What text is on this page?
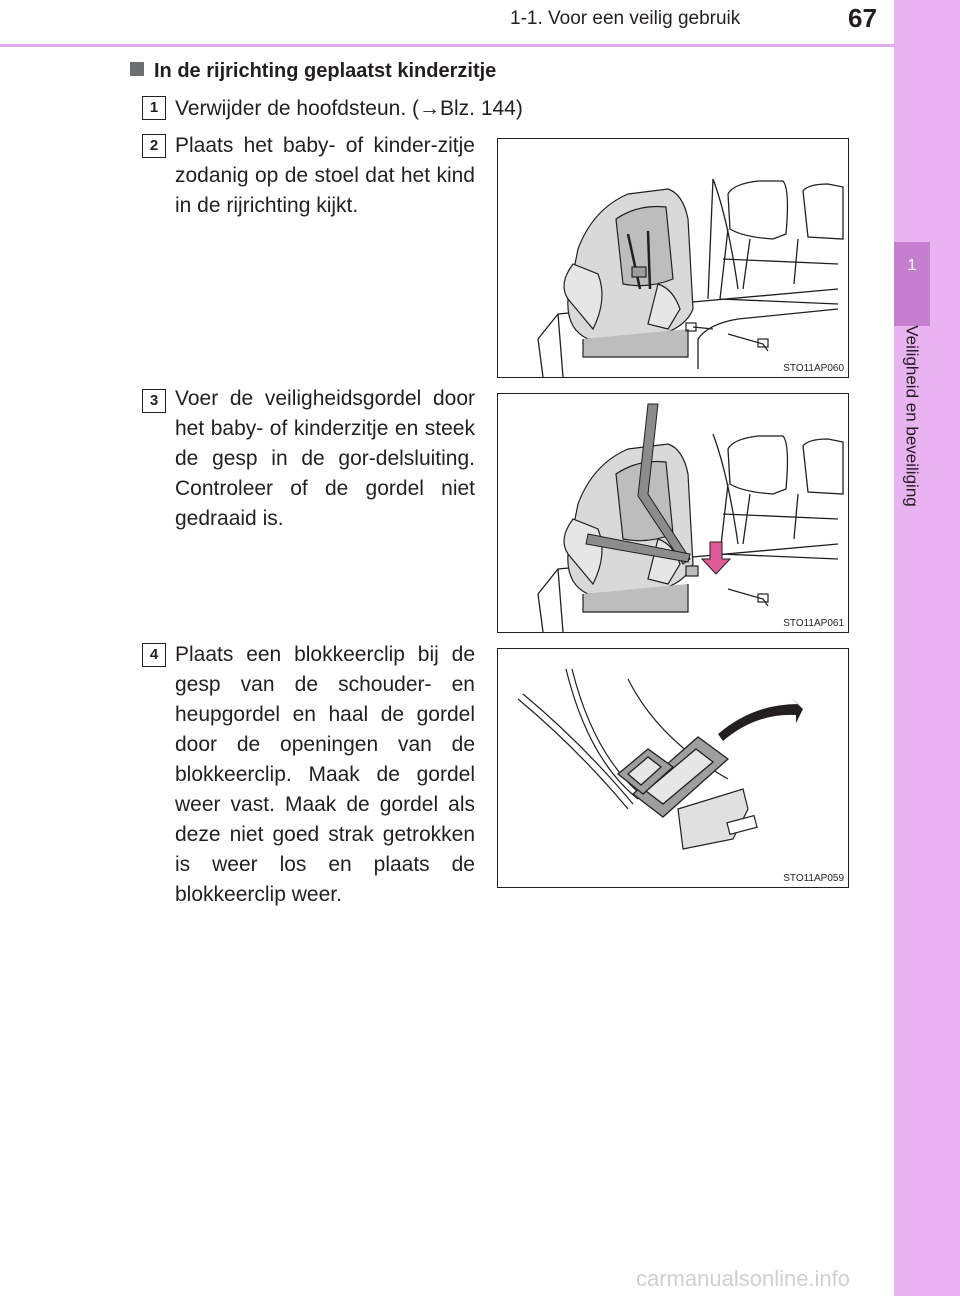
1-1. Voor een veilig gebruik	67
1
Veiligheid en beveiliging
In de rijrichting geplaatst kinderzitje
1 Verwijder de hoofdsteun. (→Blz. 144)
2 Plaats het baby- of kinder-zitje zodanig op de stoel dat het kind in de rijrichting kijkt.
STO11AP060
3 Voer de veiligheidsgordel door het baby- of kinderzitje en steek de gesp in de gor-delsluiting. Controleer of de gordel niet gedraaid is.
STO11AP061
4 Plaats een blokkeerclip bij de gesp van de schouder- en heupgordel en haal de gordel door de openingen van de blokkeerclip. Maak de gordel weer vast. Maak de gordel als deze niet goed strak getrokken is weer los en plaats de blokkeerclip weer.
STO11AP059
carmanualsonline.info
